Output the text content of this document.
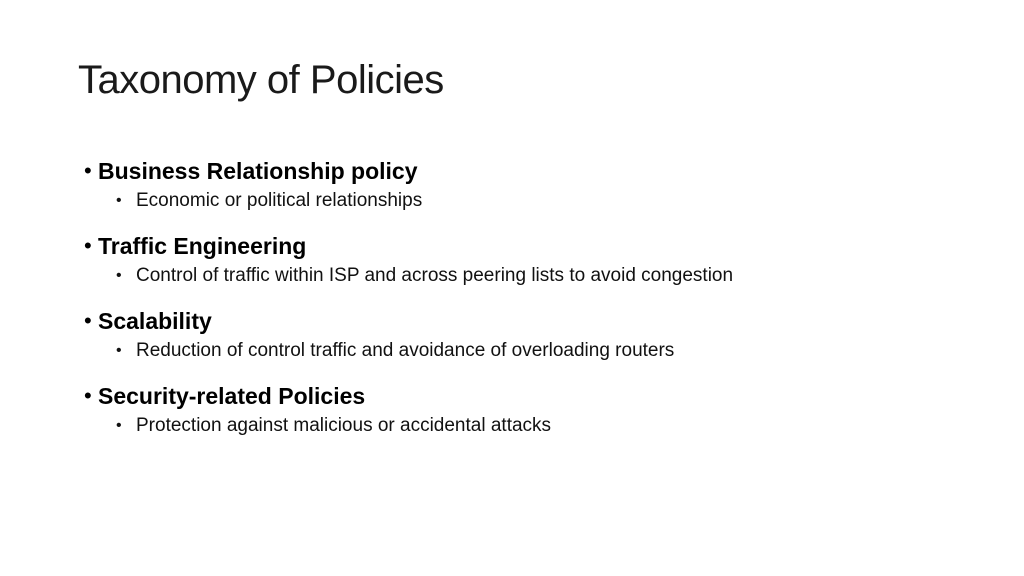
Taxonomy of Policies
• Business Relationship policy
• Economic or political relationships
• Traffic Engineering
• Control of traffic within ISP and across peering lists to avoid congestion
• Scalability
• Reduction of control traffic and avoidance of overloading routers
• Security-related Policies
• Protection against malicious or accidental attacks
